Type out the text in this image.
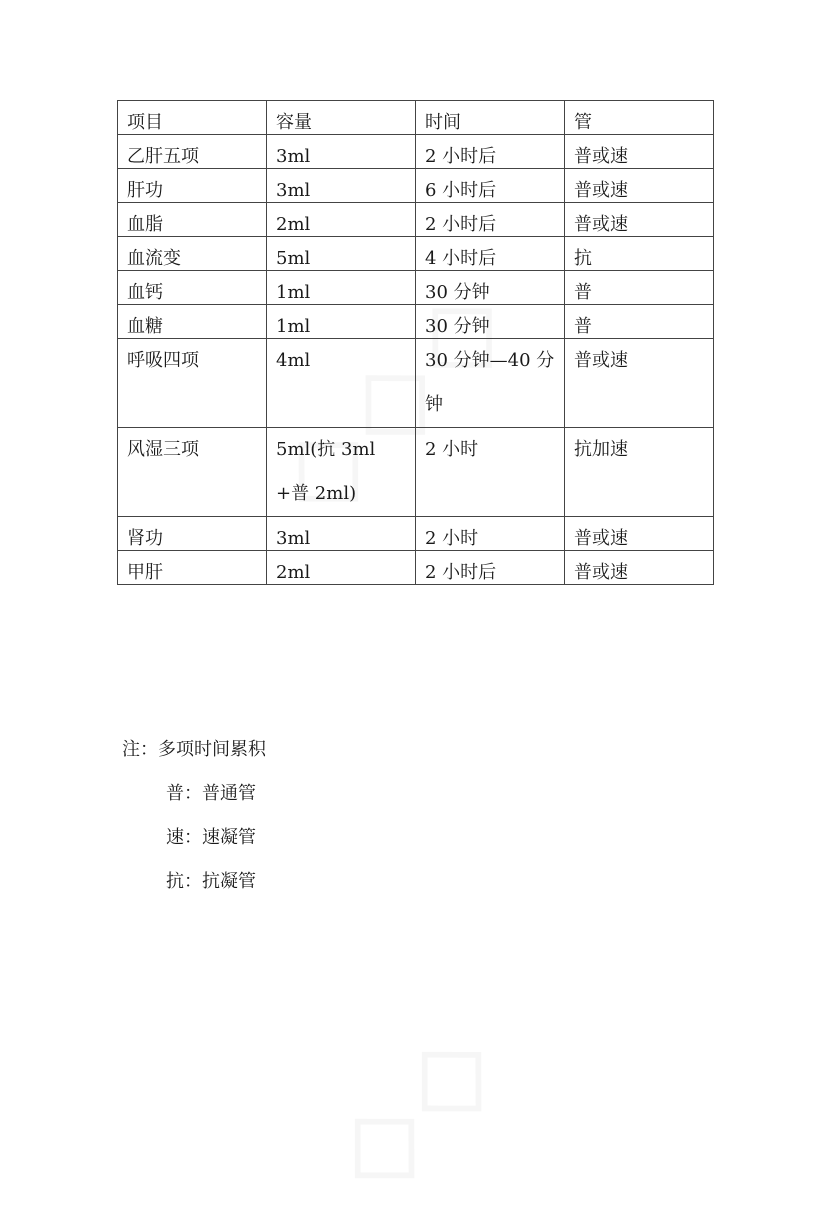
项目	容量	时间	管
乙肝五项	3ml	2 小时后	普或速
肝功	3ml	6 小时后	普或速
血脂	2ml	2 小时后	普或速
血流变	5ml	4 小时后	抗
血钙	1ml	30 分钟	普
血糖	1ml	30 分钟	普
呼吸四项	4ml	30 分钟—40 分钟	普或速
风湿三项	5ml(抗 3ml+普 2ml)	2 小时	抗加速
肾功	3ml	2 小时	普或速
甲肝	2ml	2 小时后	普或速
注：多项时间累积
普：普通管
速：速凝管
抗：抗凝管
